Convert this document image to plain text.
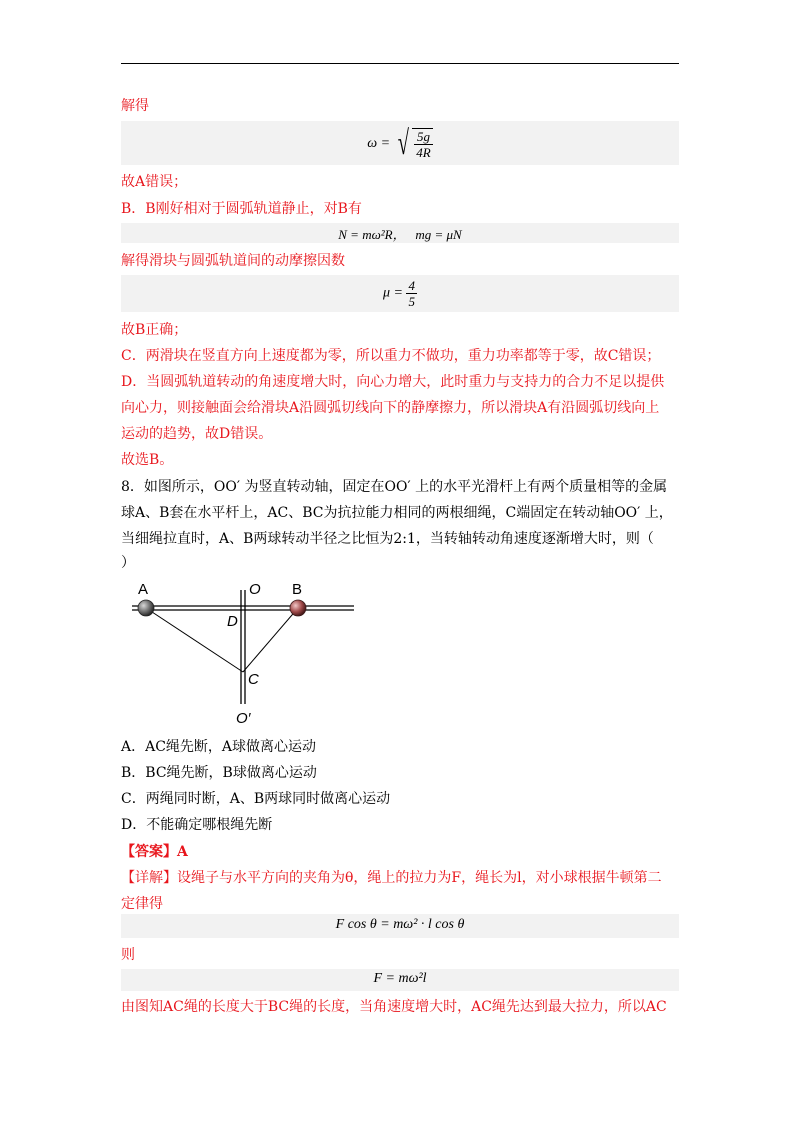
解得
ω = √ $\frac{5g}{4R}$
故A错误；
B．B刚好相对于圆弧轨道静止，对B有
N = mω²R， mg = μN
解得滑块与圆弧轨道间的动摩擦因数
$\mu = \frac{4}{5}$
故B正确；
C．两滑块在竖直方向上速度都为零，所以重力不做功，重力功率都等于零，故C错误；
D．当圆弧轨道转动的角速度增大时，向心力增大，此时重力与支持力的合力不足以提供
向心力，则接触面会给滑块A沿圆弧切线向下的静摩擦力，所以滑块A有沿圆弧切线向上
运动的趋势，故D错误。
故选B。
8．如图所示，OO′ 为竖直转动轴，固定在OO′ 上的水平光滑杆上有两个质量相等的金属
球A、B套在水平杆上，AC、BC为抗拉能力相同的两根细绳，C端固定在转动轴OO′ 上，
当细绳拉直时，A、B两球转动半径之比恒为2:1，当转轴转动角速度逐渐增大时，则（
）
A	B
O
D
C
O′
A．AC绳先断，A球做离心运动
B．BC绳先断，B球做离心运动
C．两绳同时断，A、B两球同时做离心运动
D．不能确定哪根绳先断
【答案】A
【详解】设绳子与水平方向的夹角为θ，绳上的拉力为F，绳长为l，对小球根据牛顿第二
定律得
F cos θ = mω² · l cos θ
则
F = mω²l
由图知AC绳的长度大于BC绳的长度，当角速度增大时，AC绳先达到最大拉力，所以AC
